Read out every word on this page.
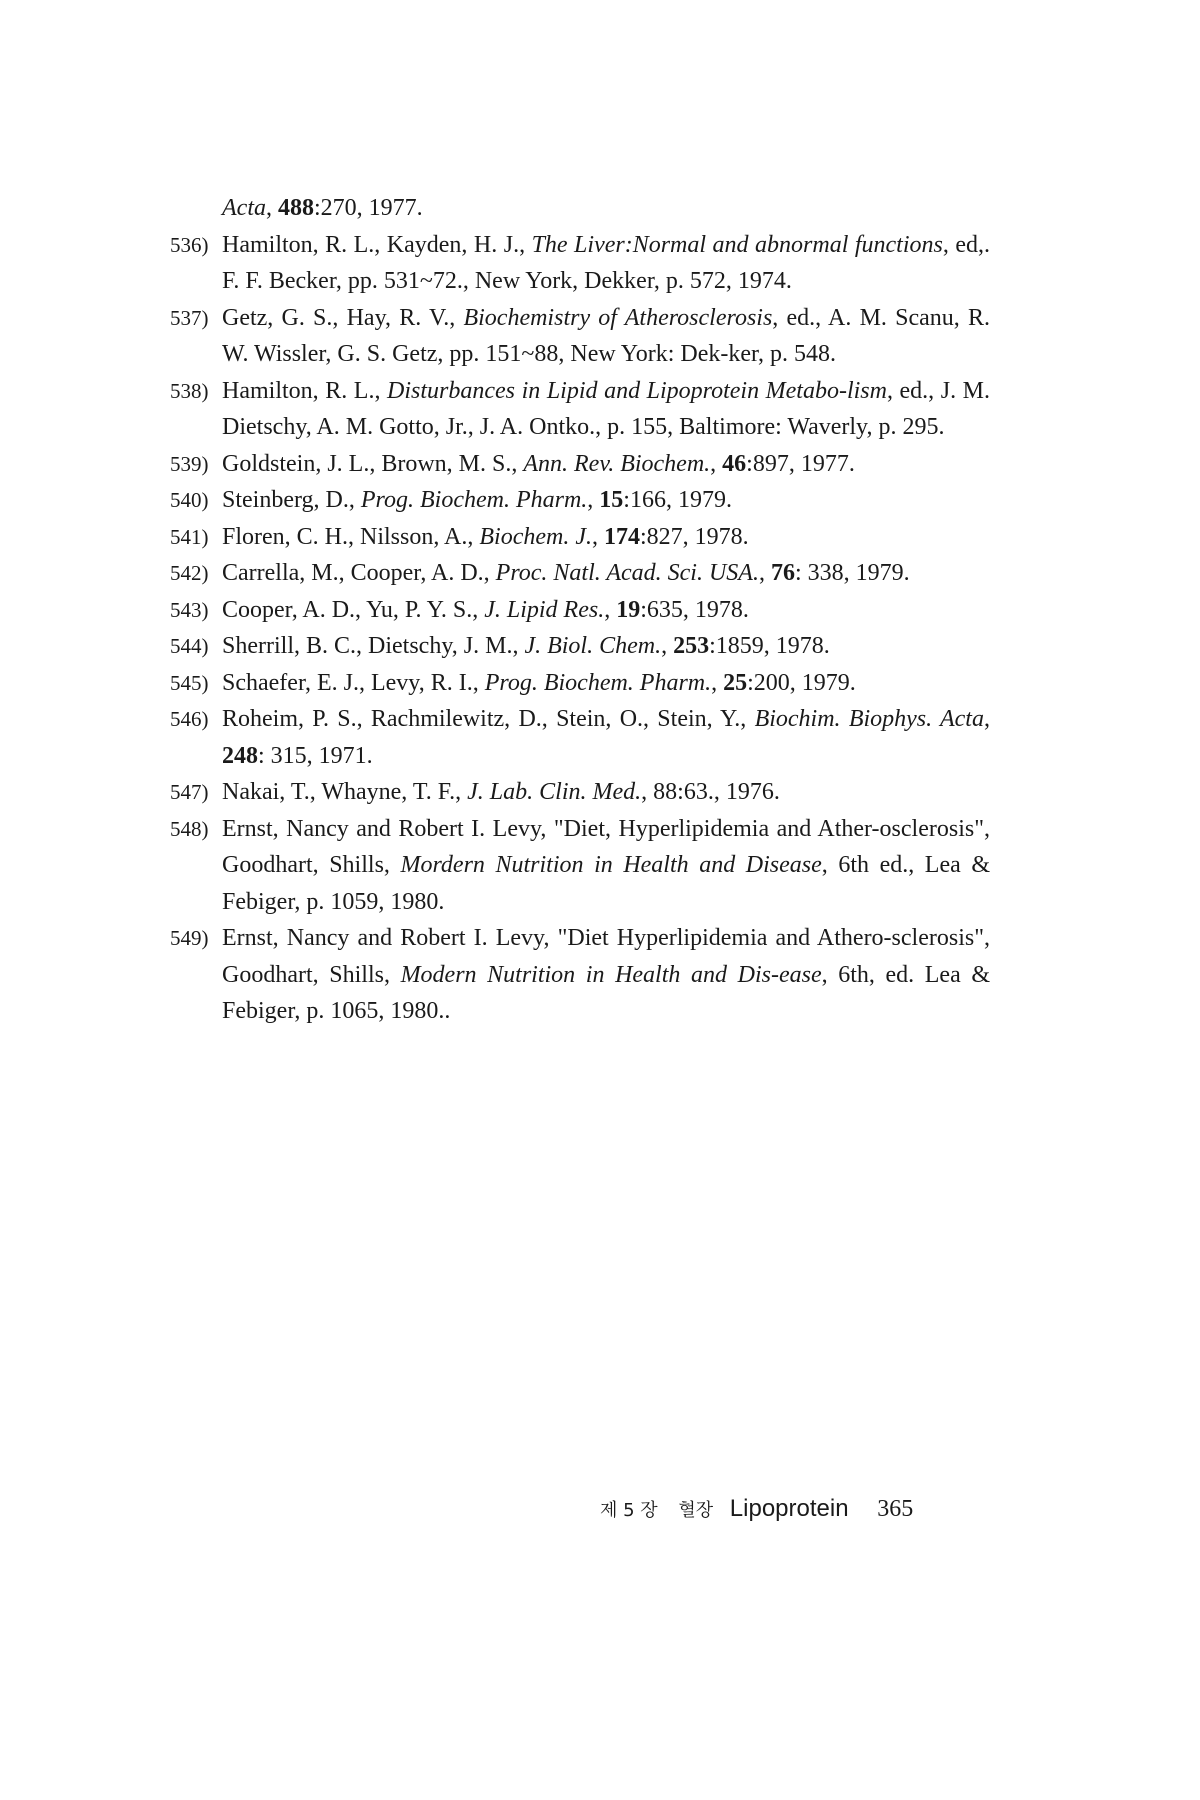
Acta, 488:270, 1977.

536) Hamilton, R. L., Kayden, H. J., The Liver:Normal and abnormal functions, ed,. F. F. Becker, pp. 531~72., New York, Dekker, p. 572, 1974.

537) Getz, G. S., Hay, R. V., Biochemistry of Atherosclerosis, ed., A. M. Scanu, R. W. Wissler, G. S. Getz, pp. 151~88, New York: Dek-ker, p. 548.

538) Hamilton, R. L., Disturbances in Lipid and Lipoprotein Metabo-lism, ed., J. M. Dietschy, A. M. Gotto, Jr., J. A. Ontko., p. 155, Baltimore: Waverly, p. 295.

539) Goldstein, J. L., Brown, M. S., Ann. Rev. Biochem., 46:897, 1977.

540) Steinberg, D., Prog. Biochem. Pharm., 15:166, 1979.

541) Floren, C. H., Nilsson, A., Biochem. J., 174:827, 1978.

542) Carrella, M., Cooper, A. D., Proc. Natl. Acad. Sci. USA., 76: 338, 1979.

543) Cooper, A. D., Yu, P. Y. S., J. Lipid Res., 19:635, 1978.

544) Sherrill, B. C., Dietschy, J. M., J. Biol. Chem., 253:1859, 1978.

545) Schaefer, E. J., Levy, R. I., Prog. Biochem. Pharm., 25:200, 1979.

546) Roheim, P. S., Rachmilewitz, D., Stein, O., Stein, Y., Biochim. Biophys. Acta, 248: 315, 1971.

547) Nakai, T., Whayne, T. F., J. Lab. Clin. Med., 88:63., 1976.

548) Ernst, Nancy and Robert I. Levy, "Diet, Hyperlipidemia and Ather-osclerosis", Goodhart, Shills, Mordern Nutrition in Health and Disease, 6th ed., Lea & Febiger, p. 1059, 1980.

549) Ernst, Nancy and Robert I. Levy, "Diet Hyperlipidemia and Athero-sclerosis", Goodhart, Shills, Modern Nutrition in Health and Dis-ease, 6th, ed. Lea & Febiger, p. 1065, 1980..

제 5 장 혈장 Lipoprotein 365
